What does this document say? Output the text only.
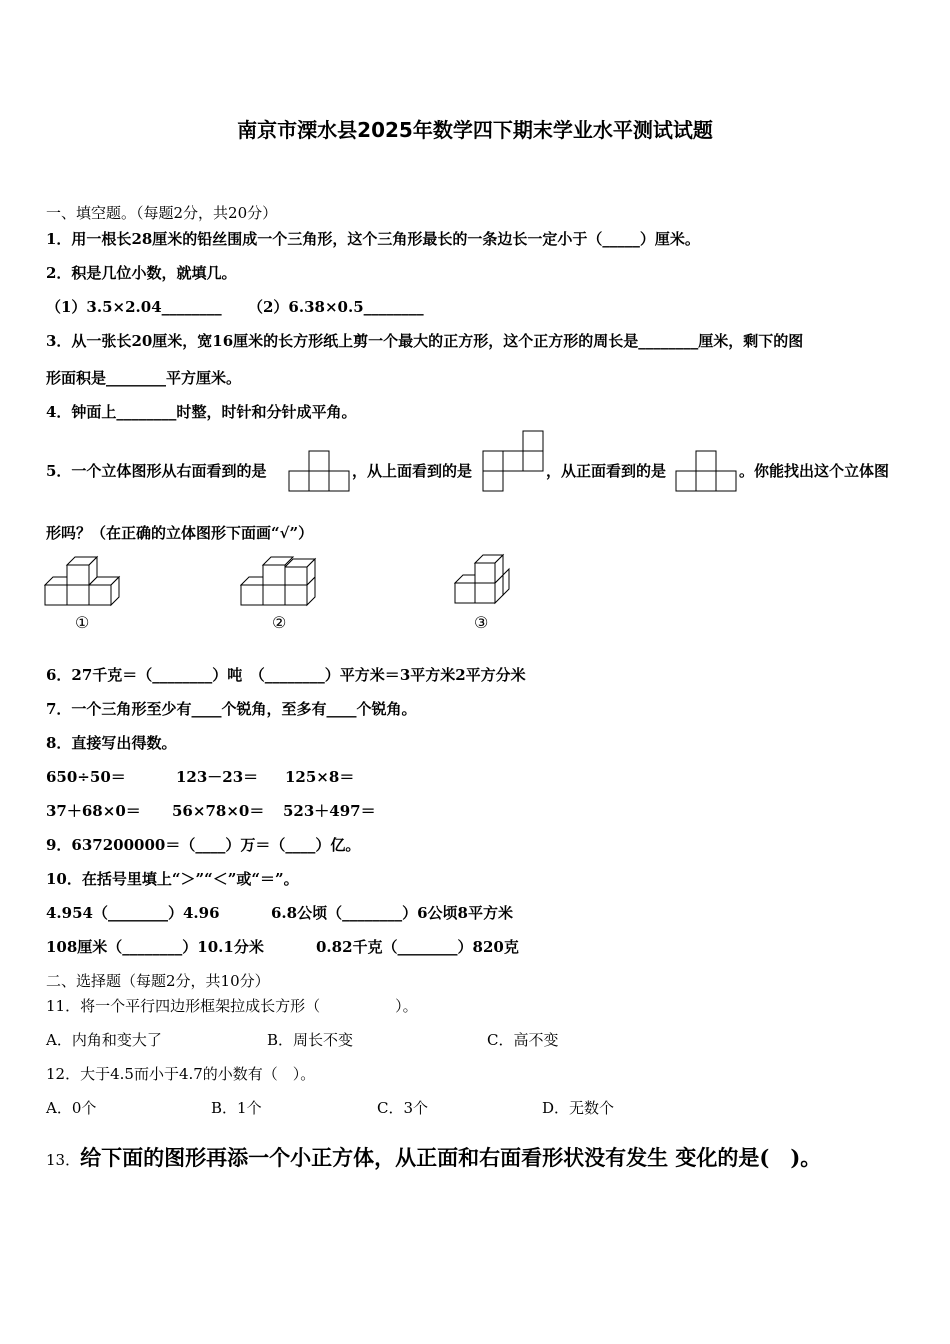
南京市溧水县2025年数学四下期末学业水平测试试题
一、填空题。（每题2分，共20分）
1．用一根长28厘米的铅丝围成一个三角形，这个三角形最长的一条边长一定小于（_____）厘米。
2．积是几位小数，就填几。
（1）3.5×2.04________ （2）6.38×0.5________
3．从一张长20厘米，宽16厘米的长方形纸上剪一个最大的正方形，这个正方形的周长是________厘米，剩下的图
形面积是________平方厘米。
4．钟面上________时整，时针和分针成平角。
5．一个立体图形从右面看到的是	，从上面看到的是	，从正面看到的是	。你能找出这个立体图
形吗？（在正确的立体图形下面画“√”）
①	②	③
6．27千克＝（________）吨　（________）平方米＝3平方米2平方分米
7．一个三角形至少有____个锐角，至多有____个锐角。
8．直接写出得数。
650÷50＝	123－23＝ 125×8＝
37＋68×0＝ 56×78×0＝ 523＋497＝
9．637200000＝（____）万＝（____）亿。
10．在括号里填上“＞”“＜”或“＝”。
4.954（________）4.96	6.8公顷（________）6公顷8平方米
108厘米（________）10.1分米	0.82千克（________）820克
二、选择题（每题2分，共10分）
11．将一个平行四边形框架拉成长方形（　　　　　）。
A．内角和变大了	B．周长不变	C．高不变
12．大于4.5而小于4.7的小数有（　）。
A．0个	B．1个	C．3个	D．无数个
13．给下面的图形再添一个小正方体，从正面和右面看形状没有发生 变化的是(　)。
